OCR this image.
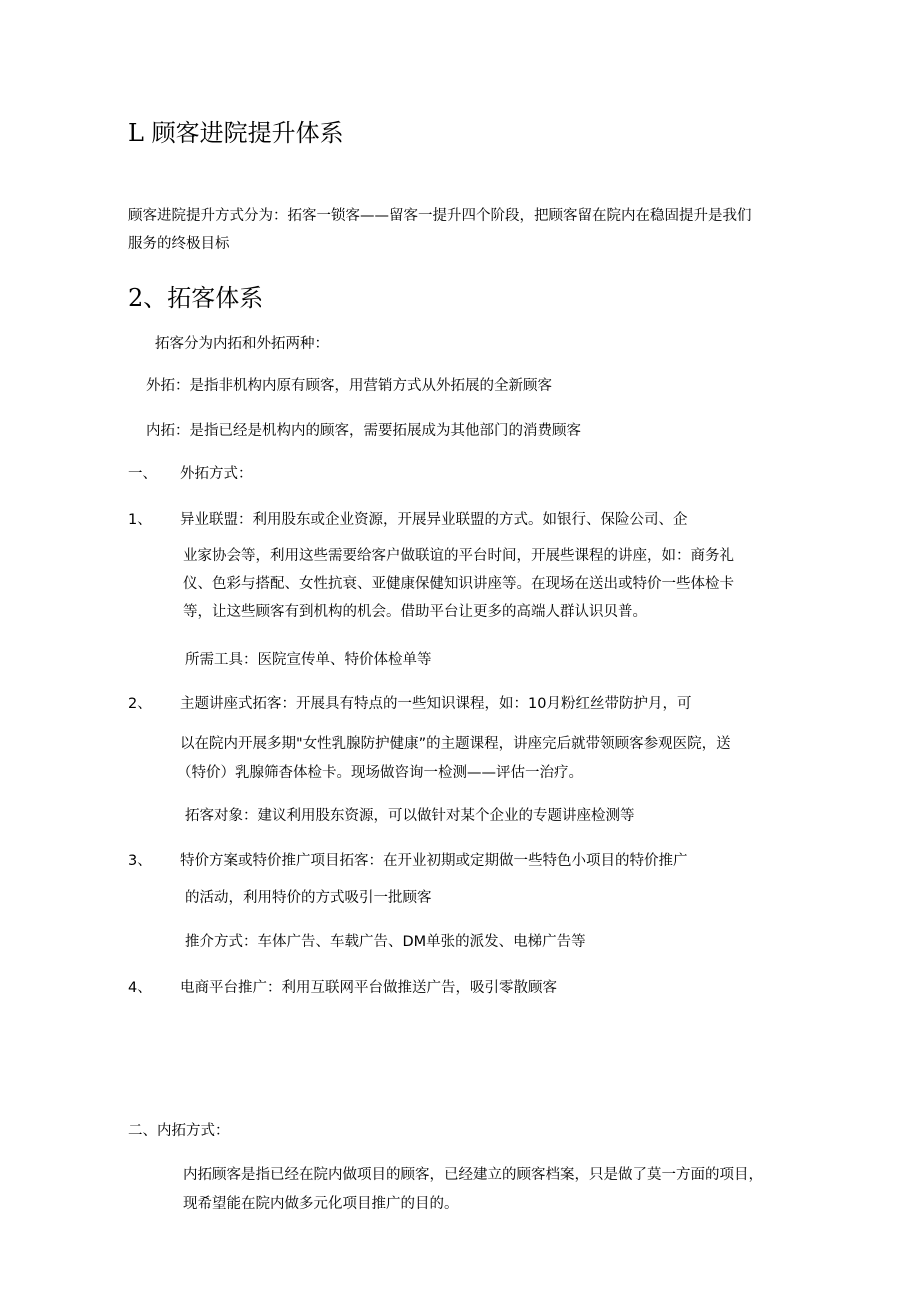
L 顾客进院提升体系
顾客进院提升方式分为：拓客一锁客——留客一提升四个阶段，把顾客留在院内在稳固提升是我们
服务的终极目标
2、拓客体系
拓客分为内拓和外拓两种：
外拓：是指非机构内原有顾客，用营销方式从外拓展的全新顾客
内拓：是指已经是机构内的顾客，需要拓展成为其他部门的消费顾客
一、 外拓方式：
1、 异业联盟：利用股东或企业资源，开展异业联盟的方式。如银行、保险公司、企
业家协会等，利用这些需要给客户做联谊的平台时间，开展些课程的讲座，如：商务礼
仪、色彩与搭配、女性抗衰、亚健康保健知识讲座等。在现场在送出或特价一些体检卡
等，让这些顾客有到机构的机会。借助平台让更多的高端人群认识贝普。
所需工具：医院宣传单、特价体检单等
2、 主题讲座式拓客：开展具有特点的一些知识课程，如：10月粉红丝带防护月，可
以在院内开展多期"女性乳腺防护健康”的主题课程，讲座完后就带领顾客参观医院，送
（特价）乳腺筛杳体检卡。现场做咨询一检测——评估一治疗。
拓客对象：建议利用股东资源，可以做针对某个企业的专题讲座检测等
3、 特价方案或特价推广项目拓客：在开业初期或定期做一些特色小项目的特价推广
的活动，利用特价的方式吸引一批顾客
推介方式：车体广告、车载广告、DM单张的派发、电梯广告等
4、 电商平台推广：利用互联网平台做推送广告，吸引零散顾客
二、内拓方式：
内拓顾客是指已经在院内做项目的顾客，已经建立的顾客档案，只是做了莫一方面的项目，
现希望能在院内做多元化项目推广的目的。
